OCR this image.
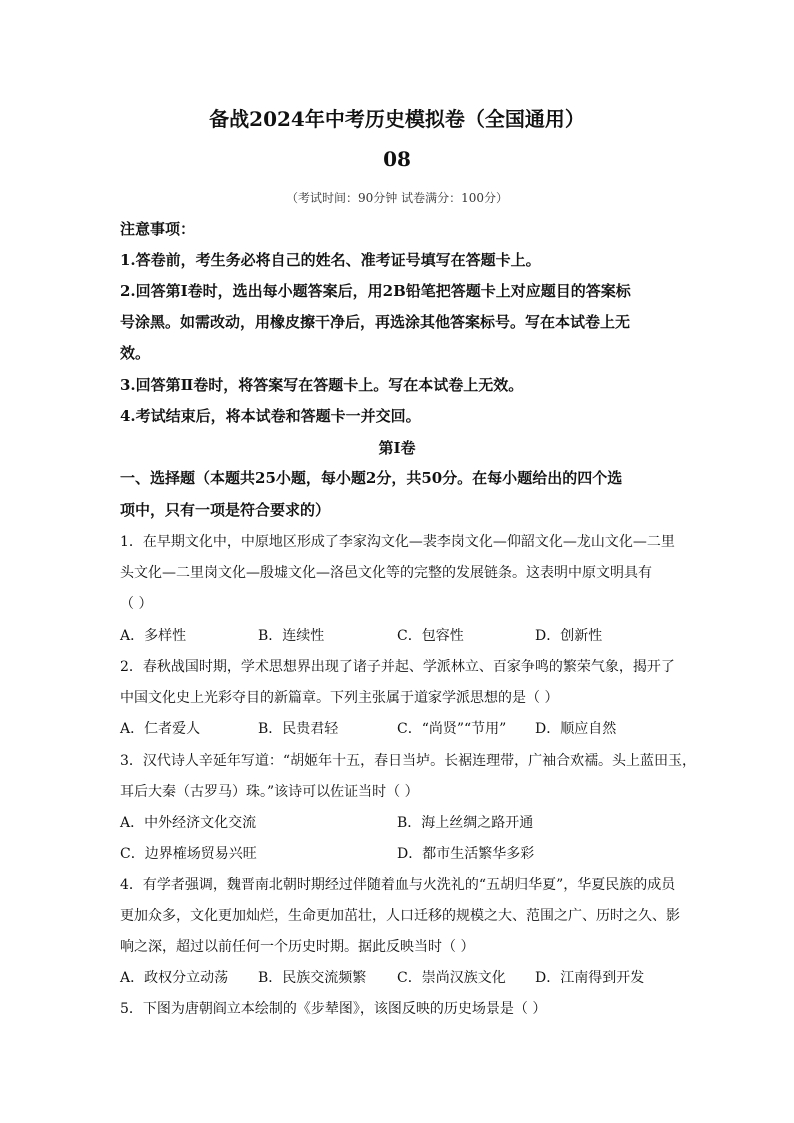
备战2024年中考历史模拟卷（全国通用）
08
（考试时间：90分钟 试卷满分：100分）
注意事项：
1.答卷前，考生务必将自己的姓名、准考证号填写在答题卡上。
2.回答第Ⅰ卷时，选出每小题答案后，用2B铅笔把答题卡上对应题目的答案标
号涂黑。如需改动，用橡皮擦干净后，再选涂其他答案标号。写在本试卷上无
效。
3.回答第Ⅱ卷时，将答案写在答题卡上。写在本试卷上无效。
4.考试结束后，将本试卷和答题卡一并交回。
第Ⅰ卷
一、选择题（本题共25小题，每小题2分，共50分。在每小题给出的四个选
项中，只有一项是符合要求的）
1．在早期文化中，中原地区形成了李家沟文化—裴李岗文化—仰韶文化—龙山文化—二里
头文化—二里岗文化—殷墟文化—洛邑文化等的完整的发展链条。这表明中原文明具有
（ ）
A．多样性	B．连续性	C．包容性	D．创新性
2．春秋战国时期，学术思想界出现了诸子并起、学派林立、百家争鸣的繁荣气象，揭开了
中国文化史上光彩夺目的新篇章。下列主张属于道家学派思想的是（ ）
A．仁者爱人	B．民贵君轻	C．“尚贤”“节用” D．顺应自然
3．汉代诗人辛延年写道：“胡姬年十五，春日当垆。长裾连理带，广袖合欢襦。头上蓝田玉，
耳后大秦（古罗马）珠。”该诗可以佐证当时（ ）
A．中外经济文化交流	B．海上丝绸之路开通
C．边界榷场贸易兴旺	D．都市生活繁华多彩
4．有学者强调，魏晋南北朝时期经过伴随着血与火洗礼的“五胡归华夏”，华夏民族的成员
更加众多，文化更加灿烂，生命更加茁壮，人口迁移的规模之大、范围之广、历时之久、影
响之深，超过以前任何一个历史时期。据此反映当时（ ）
A．政权分立动荡 B．民族交流频繁 C．崇尚汉族文化 D．江南得到开发
5．下图为唐朝阎立本绘制的《步辇图》，该图反映的历史场景是（ ）
